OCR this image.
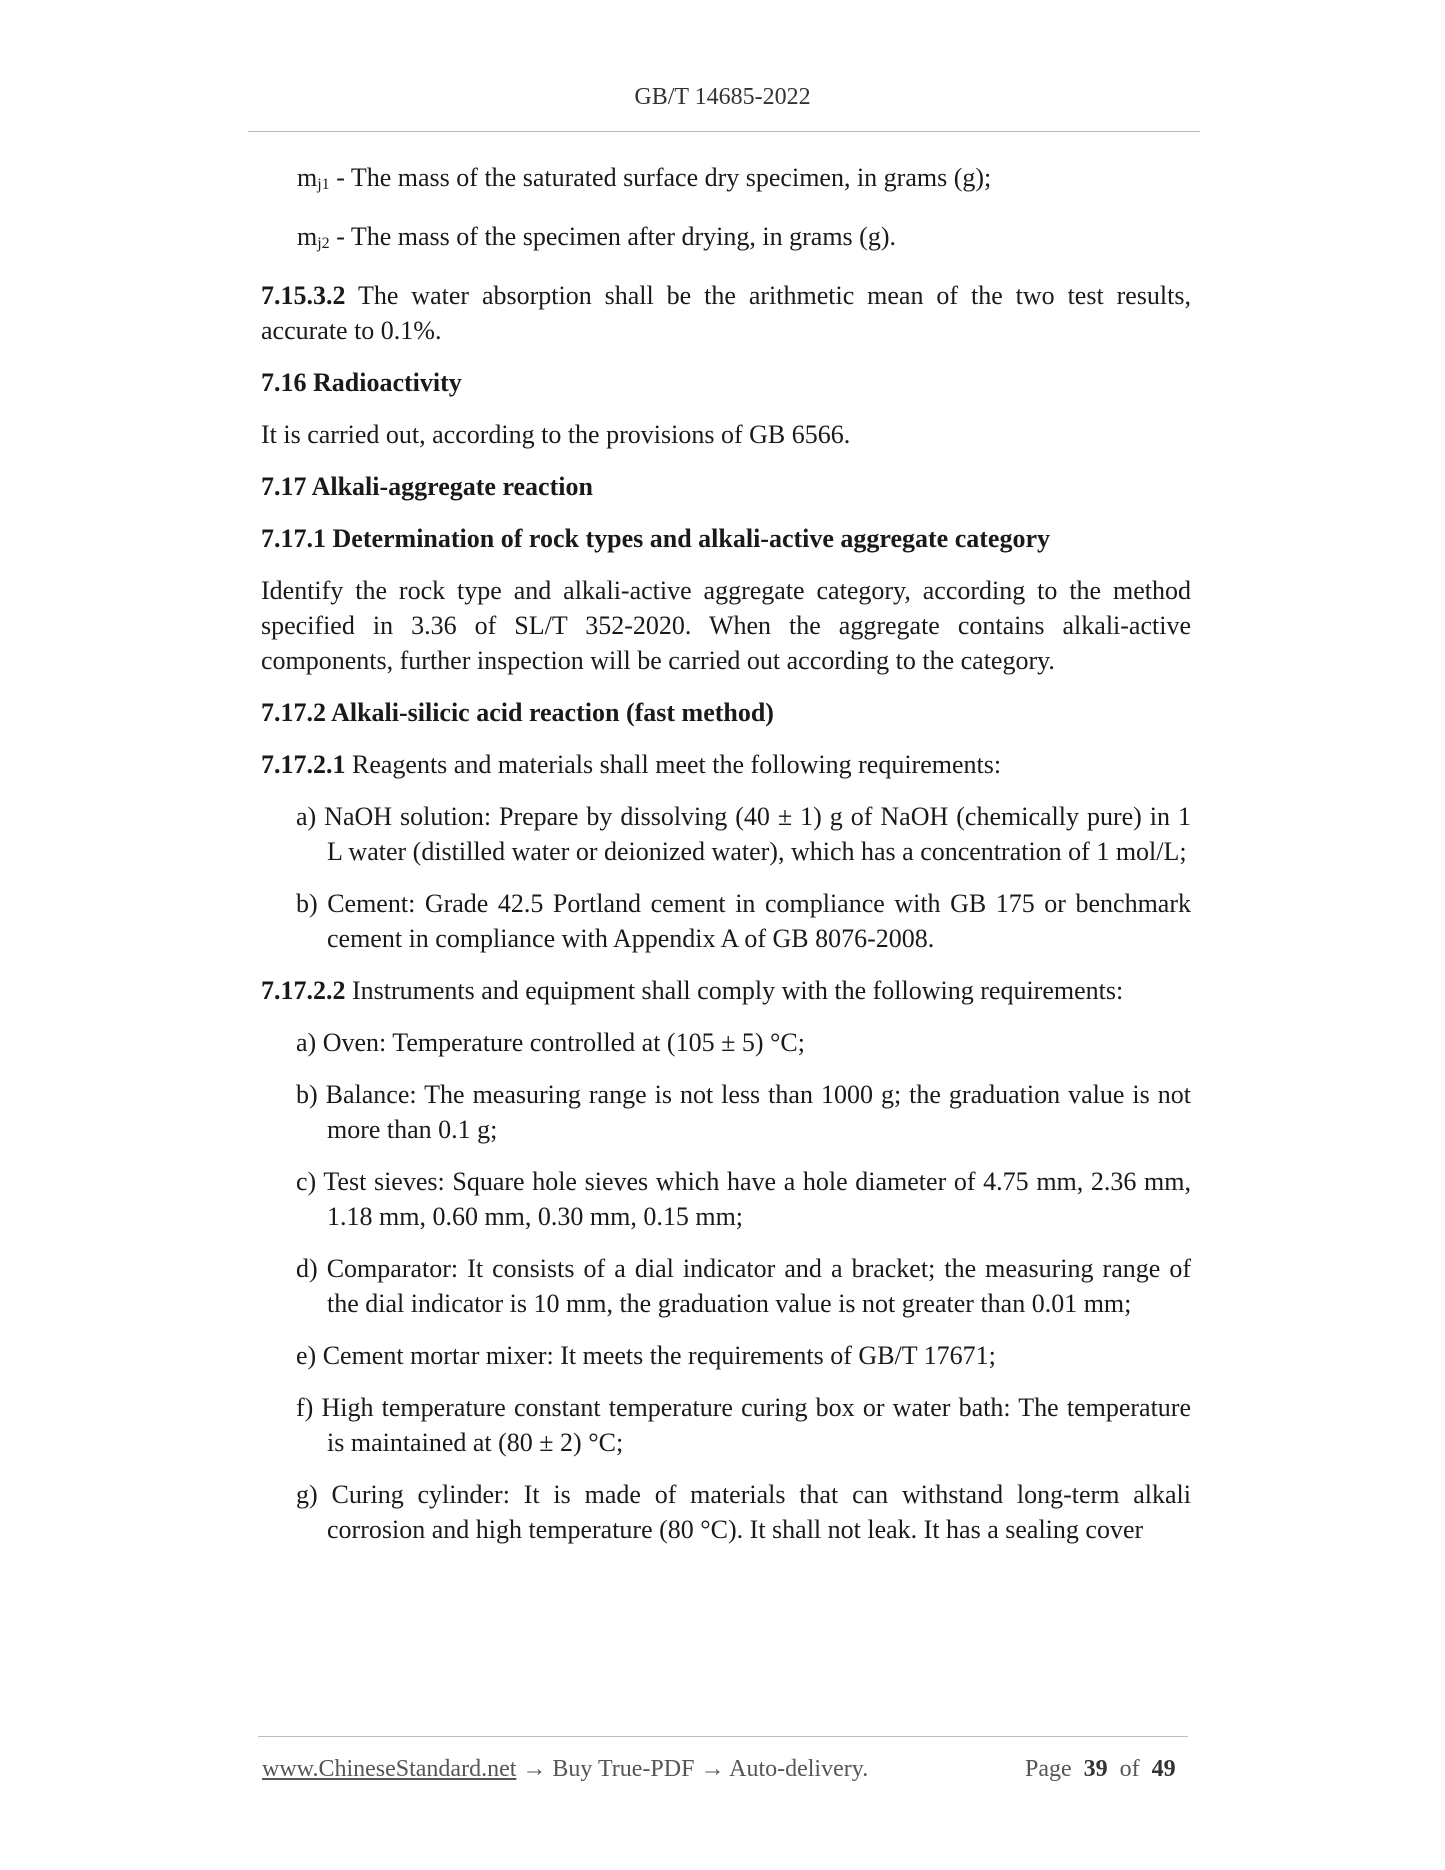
GB/T 14685-2022

mj1 - The mass of the saturated surface dry specimen, in grams (g);

mj2 - The mass of the specimen after drying, in grams (g).

7.15.3.2 The water absorption shall be the arithmetic mean of the two test results, accurate to 0.1%.

7.16 Radioactivity

It is carried out, according to the provisions of GB 6566.

7.17 Alkali-aggregate reaction

7.17.1 Determination of rock types and alkali-active aggregate category

Identify the rock type and alkali-active aggregate category, according to the method specified in 3.36 of SL/T 352-2020. When the aggregate contains alkali-active components, further inspection will be carried out according to the category.

7.17.2 Alkali-silicic acid reaction (fast method)

7.17.2.1 Reagents and materials shall meet the following requirements:

a) NaOH solution: Prepare by dissolving (40 ± 1) g of NaOH (chemically pure) in 1 L water (distilled water or deionized water), which has a concentration of 1 mol/L;

b) Cement: Grade 42.5 Portland cement in compliance with GB 175 or benchmark cement in compliance with Appendix A of GB 8076-2008.

7.17.2.2 Instruments and equipment shall comply with the following requirements:

a) Oven: Temperature controlled at (105 ± 5) °C;

b) Balance: The measuring range is not less than 1000 g; the graduation value is not more than 0.1 g;

c) Test sieves: Square hole sieves which have a hole diameter of 4.75 mm, 2.36 mm, 1.18 mm, 0.60 mm, 0.30 mm, 0.15 mm;

d) Comparator: It consists of a dial indicator and a bracket; the measuring range of the dial indicator is 10 mm, the graduation value is not greater than 0.01 mm;

e) Cement mortar mixer: It meets the requirements of GB/T 17671;

f) High temperature constant temperature curing box or water bath: The temperature is maintained at (80 ± 2) °C;

g) Curing cylinder: It is made of materials that can withstand long-term alkali corrosion and high temperature (80 °C). It shall not leak. It has a sealing cover

www.ChineseStandard.net → Buy True-PDF → Auto-delivery.	Page 39 of 49
